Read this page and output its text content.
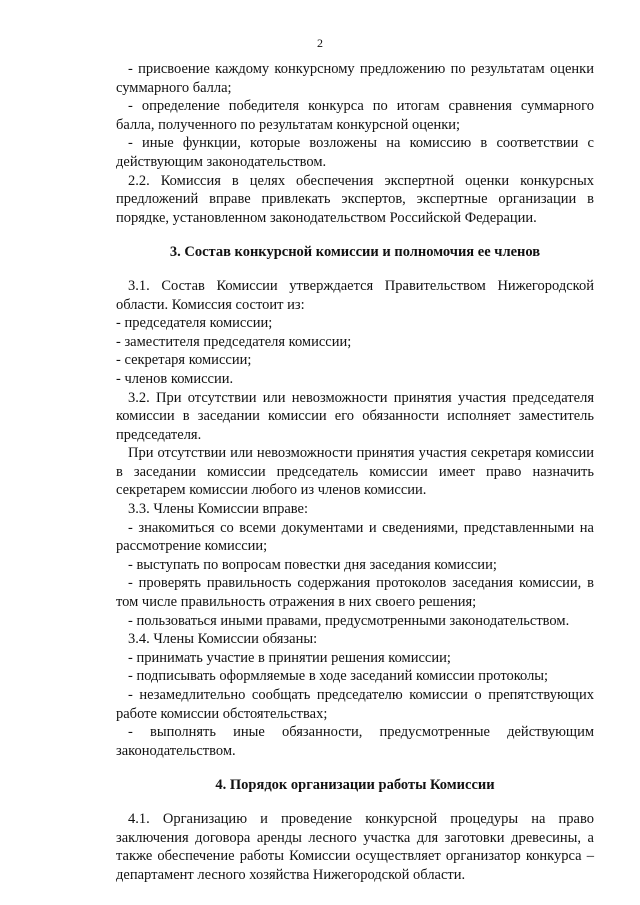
2

- присвоение каждому конкурсному предложению по результатам оценки суммарного балла;

- определение победителя конкурса по итогам сравнения суммарного балла, полученного по результатам конкурсной оценки;

- иные функции, которые возложены на комиссию в соответствии с действующим законодательством.

2.2. Комиссия в целях обеспечения экспертной оценки конкурсных предложений вправе привлекать экспертов, экспертные организации в порядке, установленном законодательством Российской Федерации.

3. Состав конкурсной комиссии и полномочия ее членов

3.1. Состав Комиссии утверждается Правительством Нижегородской области. Комиссия состоит из:

- председателя комиссии;

- заместителя председателя комиссии;

- секретаря комиссии;

- членов комиссии.

3.2. При отсутствии или невозможности принятия участия председателя комиссии в заседании комиссии его обязанности исполняет заместитель председателя.

При отсутствии или невозможности принятия участия секретаря комиссии в заседании комиссии председатель комиссии имеет право назначить секретарем комиссии любого из членов комиссии.

3.3. Члены Комиссии вправе:

- знакомиться со всеми документами и сведениями, представленными на рассмотрение комиссии;

- выступать по вопросам повестки дня заседания комиссии;

- проверять правильность содержания протоколов заседания комиссии, в том числе правильность отражения в них своего решения;

- пользоваться иными правами, предусмотренными законодательством.

3.4. Члены Комиссии обязаны:

- принимать участие в принятии решения комиссии;

- подписывать оформляемые в ходе заседаний комиссии протоколы;

- незамедлительно сообщать председателю комиссии о препятствующих работе комиссии обстоятельствах;

- выполнять иные обязанности, предусмотренные действующим законодательством.

4. Порядок организации работы Комиссии

4.1. Организацию и проведение конкурсной процедуры на право заключения договора аренды лесного участка для заготовки древесины, а также обеспечение работы Комиссии осуществляет организатор конкурса – департамент лесного хозяйства Нижегородской области.
